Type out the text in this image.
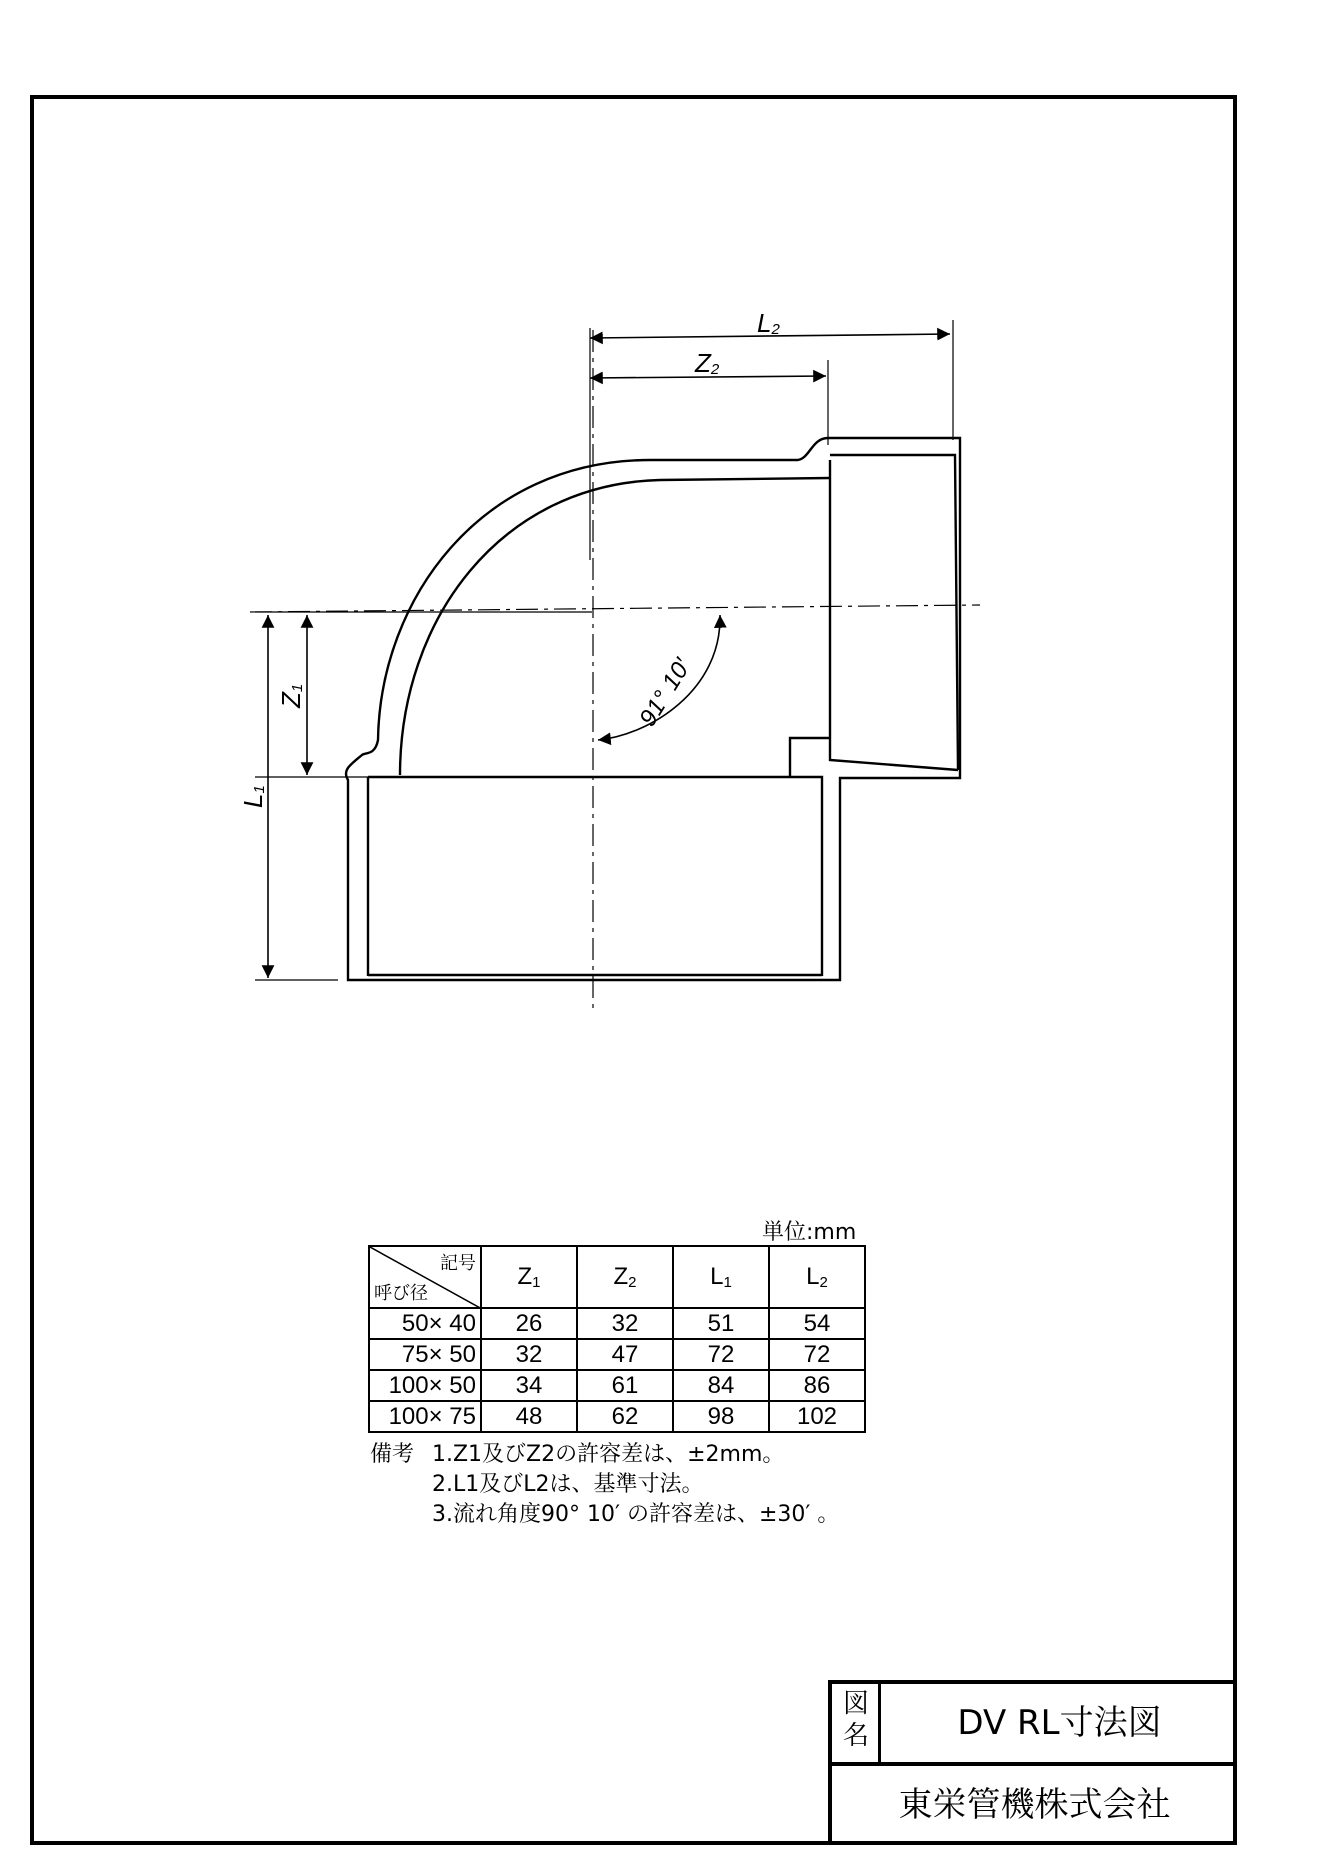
L2
Z2
Z1
L1
91° 10′
単位:mm
記号
呼び径	$Z_1$	$Z_2$	$L_1$	$L_2$
50× 40	26	32	51	54
75× 50	32	47	72	72
100× 50	34	61	84	86
100× 75	48	62	98	102
備考 1.Z1及びZ2の許容差は、±2mm。
2.L1及びL2は、基準寸法。
3.流れ角度90° 10′ の許容差は、±30′ 。
図
名	DV RL寸法図
東栄管機株式会社
